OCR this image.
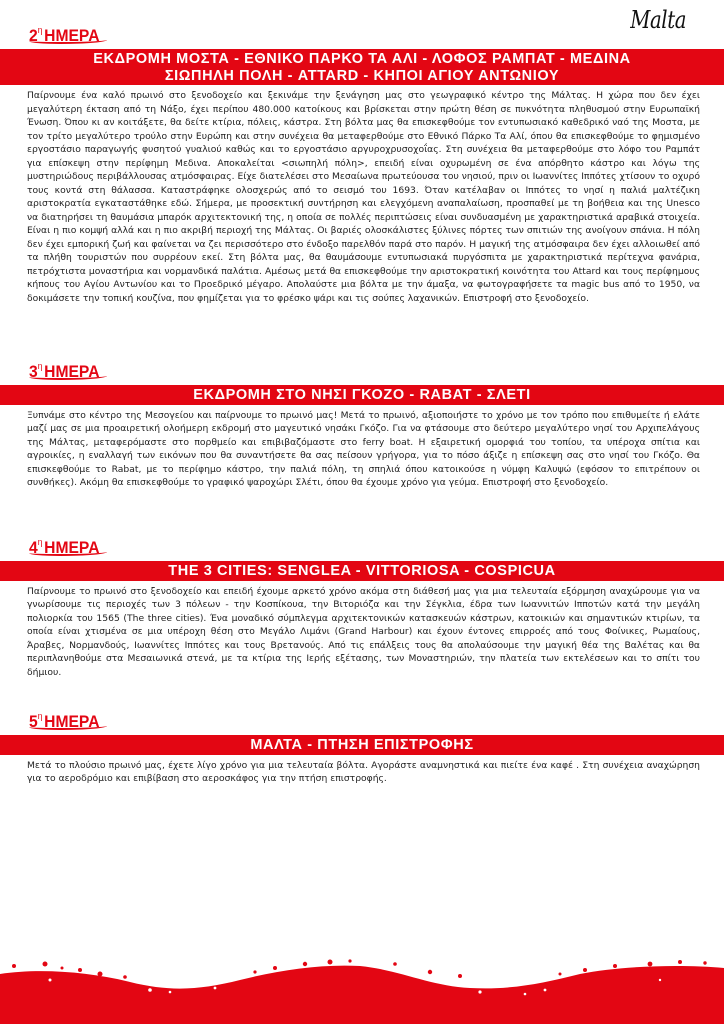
Malta
$2^\eta$ ΗΜΕΡΑ
ΕΚΔΡΟΜΗ ΜΟΣΤΑ - ΕΘΝΙΚΟ ΠΑΡΚΟ ΤΑ ΑΛΙ - ΛΟΦΟΣ ΡΑΜΠΑΤ - ΜΕΔΙΝΑ
ΣΙΩΠΗΛΗ ΠΟΛΗ - ATTARD - ΚΗΠΟΙ ΑΓΙΟΥ ΑΝΤΩΝΙΟΥ

Παίρνουμε ένα καλό πρωινό στο ξενοδοχείο και ξεκινάμε την ξενάγηση μας στο γεωγραφικό κέντρο της Μάλτας. Η χώρα που δεν έχει μεγαλύτερη έκταση από τη Νάξο, έχει περίπου 480.000 κατοίκους και βρίσκεται στην πρώτη θέση σε πυκνότητα πληθυσμού στην Ευρωπαϊκή Ένωση. Όπου κι αν κοιτάξετε, θα δείτε κτίρια, πόλεις, κάστρα. Στη βόλτα μας θα επισκεφθούμε τον εντυπωσιακό καθεδρικό ναό της Μοστα, με τον τρίτο μεγαλύτερο τρούλο στην Ευρώπη και στην συνέχεια θα μεταφερθούμε στο Εθνικό Πάρκο Τα Αλί, όπου θα επισκεφθούμε το φημισμένο εργοστάσιο παραγωγής φυσητού γυαλιού καθώς και το εργοστάσιο αργυροχρυσοχοΐας. Στη συνέχεια θα μεταφερθούμε στο λόφο του Ραμπάτ για επίσκεψη στην περίφημη Μεδινα. Αποκαλείται <σιωπηλή πόλη>, επειδή είναι οχυρωμένη σε ένα απόρθητο κάστρο και λόγω της μυστηριώδους περιβάλλουσας ατμόσφαιρας. Είχε διατελέσει στο Μεσαίωνα πρωτεύουσα του νησιού, πριν οι Ιωαννίτες Ιππότες χτίσουν το οχυρό τους κοντά στη θάλασσα. Καταστράφηκε ολοσχερώς από το σεισμό του 1693. Όταν κατέλαβαν οι Ιππότες το νησί η παλιά μαλτέζικη αριστοκρατία εγκαταστάθηκε εδώ. Σήμερα, με προσεκτική συντήρηση και ελεγχόμενη αναπαλαίωση, προσπαθεί με τη βοήθεια και της Unesco να διατηρήσει τη θαυμάσια μπαρόκ αρχιτεκτονική της, η οποία σε πολλές περιπτώσεις είναι συνδυασμένη με χαρακτηριστικά αραβικά στοιχεία. Είναι η πιο κομψή αλλά και η πιο ακριβή περιοχή της Μάλτας. Οι βαριές ολοσκάλιστες ξύλινες πόρτες των σπιτιών της ανοίγουν σπάνια. Η πόλη δεν έχει εμπορική ζωή και φαίνεται να ζει περισσότερο στο ένδοξο παρελθόν παρά στο παρόν. Η μαγική της ατμόσφαιρα δεν έχει αλλοιωθεί από τα πλήθη τουριστών που συρρέουν εκεί. Στη βόλτα μας, θα θαυμάσουμε εντυπωσιακά πυργόσπιτα με χαρακτηριστικά περίτεχνα φανάρια, πετρόχτιστα μοναστήρια και νορμανδικά παλάτια. Αμέσως μετά θα επισκεφθούμε την αριστοκρατική κοινότητα του Attard και τους περίφημους κήπους του Αγίου Αντωνίου και το Προεδρικό μέγαρο. Απολαύστε μια βόλτα με την άμαξα, να φωτογραφήσετε τα magic bus από το 1950, να δοκιμάσετε την τοπική κουζίνα, που φημίζεται για το φρέσκο ψάρι και τις σούπες λαχανικών. Επιστροφή στο ξενοδοχείο.

$3^\eta$ ΗΜΕΡΑ
ΕΚΔΡΟΜΗ ΣΤΟ ΝΗΣΙ ΓΚΟΖΟ - RABAT - ΣΛΕΤΙ

Ξυπνάμε στο κέντρο της Μεσογείου και παίρνουμε το πρωινό μας! Μετά το πρωινό, αξιοποιήστε το χρόνο με τον τρόπο που επιθυμείτε ή ελάτε μαζί μας σε μια προαιρετική ολοήμερη εκδρομή στο μαγευτικό νησάκι Γκόζο. Για να φτάσουμε στο δεύτερο μεγαλύτερο νησί του Αρχιπελάγους της Μάλτας, μεταφερόμαστε στο πορθμείο και επιβιβαζόμαστε στο ferry boat. Η εξαιρετική ομορφιά του τοπίου, τα υπέροχα σπίτια και αγροικίες, η εναλλαγή των εικόνων που θα συναντήσετε θα σας πείσουν γρήγορα, για το πόσο άξιζε η επίσκεψη σας στο νησί του Γκόζο. Θα επισκεφθούμε το Rabat, με το περίφημο κάστρο, την παλιά πόλη, τη σπηλιά όπου κατοικούσε η νύμφη Καλυψώ (εφόσον το επιτρέπουν οι συνθήκες). Ακόμη θα επισκεφθούμε το γραφικό ψαροχώρι Σλέτι, όπου θα έχουμε χρόνο για γεύμα. Επιστροφή στο ξενοδοχείο.

$4^\eta$ ΗΜΕΡΑ
THE 3 CITIES: SENGLEA - VITTORIOSA - COSPICUA

Παίρνουμε το πρωινό στο ξενοδοχείο και επειδή έχουμε αρκετό χρόνο ακόμα στη διάθεσή μας για μια τελευταία εξόρμηση αναχώρουμε για να γνωρίσουμε τις περιοχές των 3 πόλεων - την Κοσπίκουα, την Βιτοριόζα και την Σέγκλια, έδρα των Ιωαννιτών Ιπποτών κατά την μεγάλη πολιορκία του 1565 (The three cities). Ένα μοναδικό σύμπλεγμα αρχιτεκτονικών κατασκευών κάστρων, κατοικιών και σημαντικών κτιρίων, τα οποία είναι χτισμένα σε μια υπέροχη θέση στο Μεγάλο Λιμάνι (Grand Harbour) και έχουν έντονες επιρροές από τους Φοίνικες, Ρωμαίους, Άραβες, Νορμανδούς, Ιωαννίτες Ιππότες και τους Βρετανούς. Από τις επάλξεις τους θα απολαύσουμε την μαγική θέα της Βαλέτας και θα περιπλανηθούμε στα Μεσαιωνικά στενά, με τα κτίρια της Ιερής εξέτασης, των Μοναστηριών, την πλατεία των εκτελέσεων και το σπίτι του δήμιου.

$5^\eta$ ΗΜΕΡΑ
ΜΑΛΤΑ - ΠΤΗΣΗ ΕΠΙΣΤΡΟΦΗΣ

Μετά το πλούσιο πρωινό μας, έχετε λίγο χρόνο για μια τελευταία βόλτα. Αγοράστε αναμνηστικά και πιείτε ένα καφέ . Στη συνέχεια αναχώρηση για το αεροδρόμιο και επιβίβαση στο αεροσκάφος για την πτήση επιστροφής.
